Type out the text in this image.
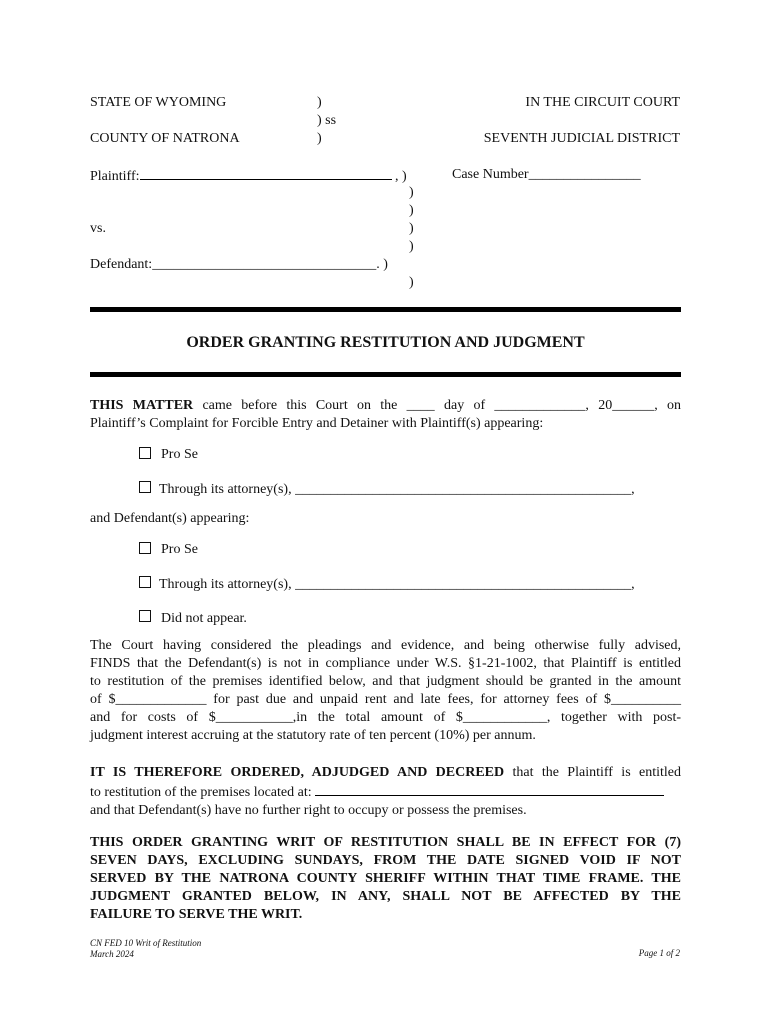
STATE OF WYOMING	)
) ss
)
IN THE CIRCUIT COURT
COUNTY OF NATRONA	SEVENTH JUDICIAL DISTRICT
Plaintiff:	, )	Case Number________________
)
)
vs.	)
)
Defendant:________________________________. )
)
ORDER GRANTING RESTITUTION AND JUDGMENT
THIS MATTER came before this Court on the ____ day of _____________, 20______, on
Plaintiff’s Complaint for Forcible Entry and Detainer with Plaintiff(s) appearing:
Pro Se
Through its attorney(s), ________________________________________________,
and Defendant(s) appearing:
Pro Se
Through its attorney(s), ________________________________________________,
Did not appear.
The Court having considered the pleadings and evidence, and being otherwise fully advised,
FINDS that the Defendant(s) is not in compliance under W.S. §1-21-1002, that Plaintiff is entitled
to restitution of the premises identified below, and that judgment should be granted in the amount
of $_____________ for past due and unpaid rent and late fees, for attorney fees of $__________
and for costs of $___________,in the total amount of $____________, together with post-
judgment interest accruing at the statutory rate of ten percent (10%) per annum.
IT IS THEREFORE ORDERED, ADJUDGED AND DECREED that the Plaintiff is entitled
to restitution of the premises located at:
and that Defendant(s) have no further right to occupy or possess the premises.
THIS ORDER GRANTING WRIT OF RESTITUTION SHALL BE IN EFFECT FOR (7)
SEVEN DAYS, EXCLUDING SUNDAYS, FROM THE DATE SIGNED VOID IF NOT
SERVED BY THE NATRONA COUNTY SHERIFF WITHIN THAT TIME FRAME. THE
JUDGMENT GRANTED BELOW, IN ANY, SHALL NOT BE AFFECTED BY THE
FAILURE TO SERVE THE WRIT.
CN FED 10 Writ of Restitution
March 2024	Page 1 of 2
